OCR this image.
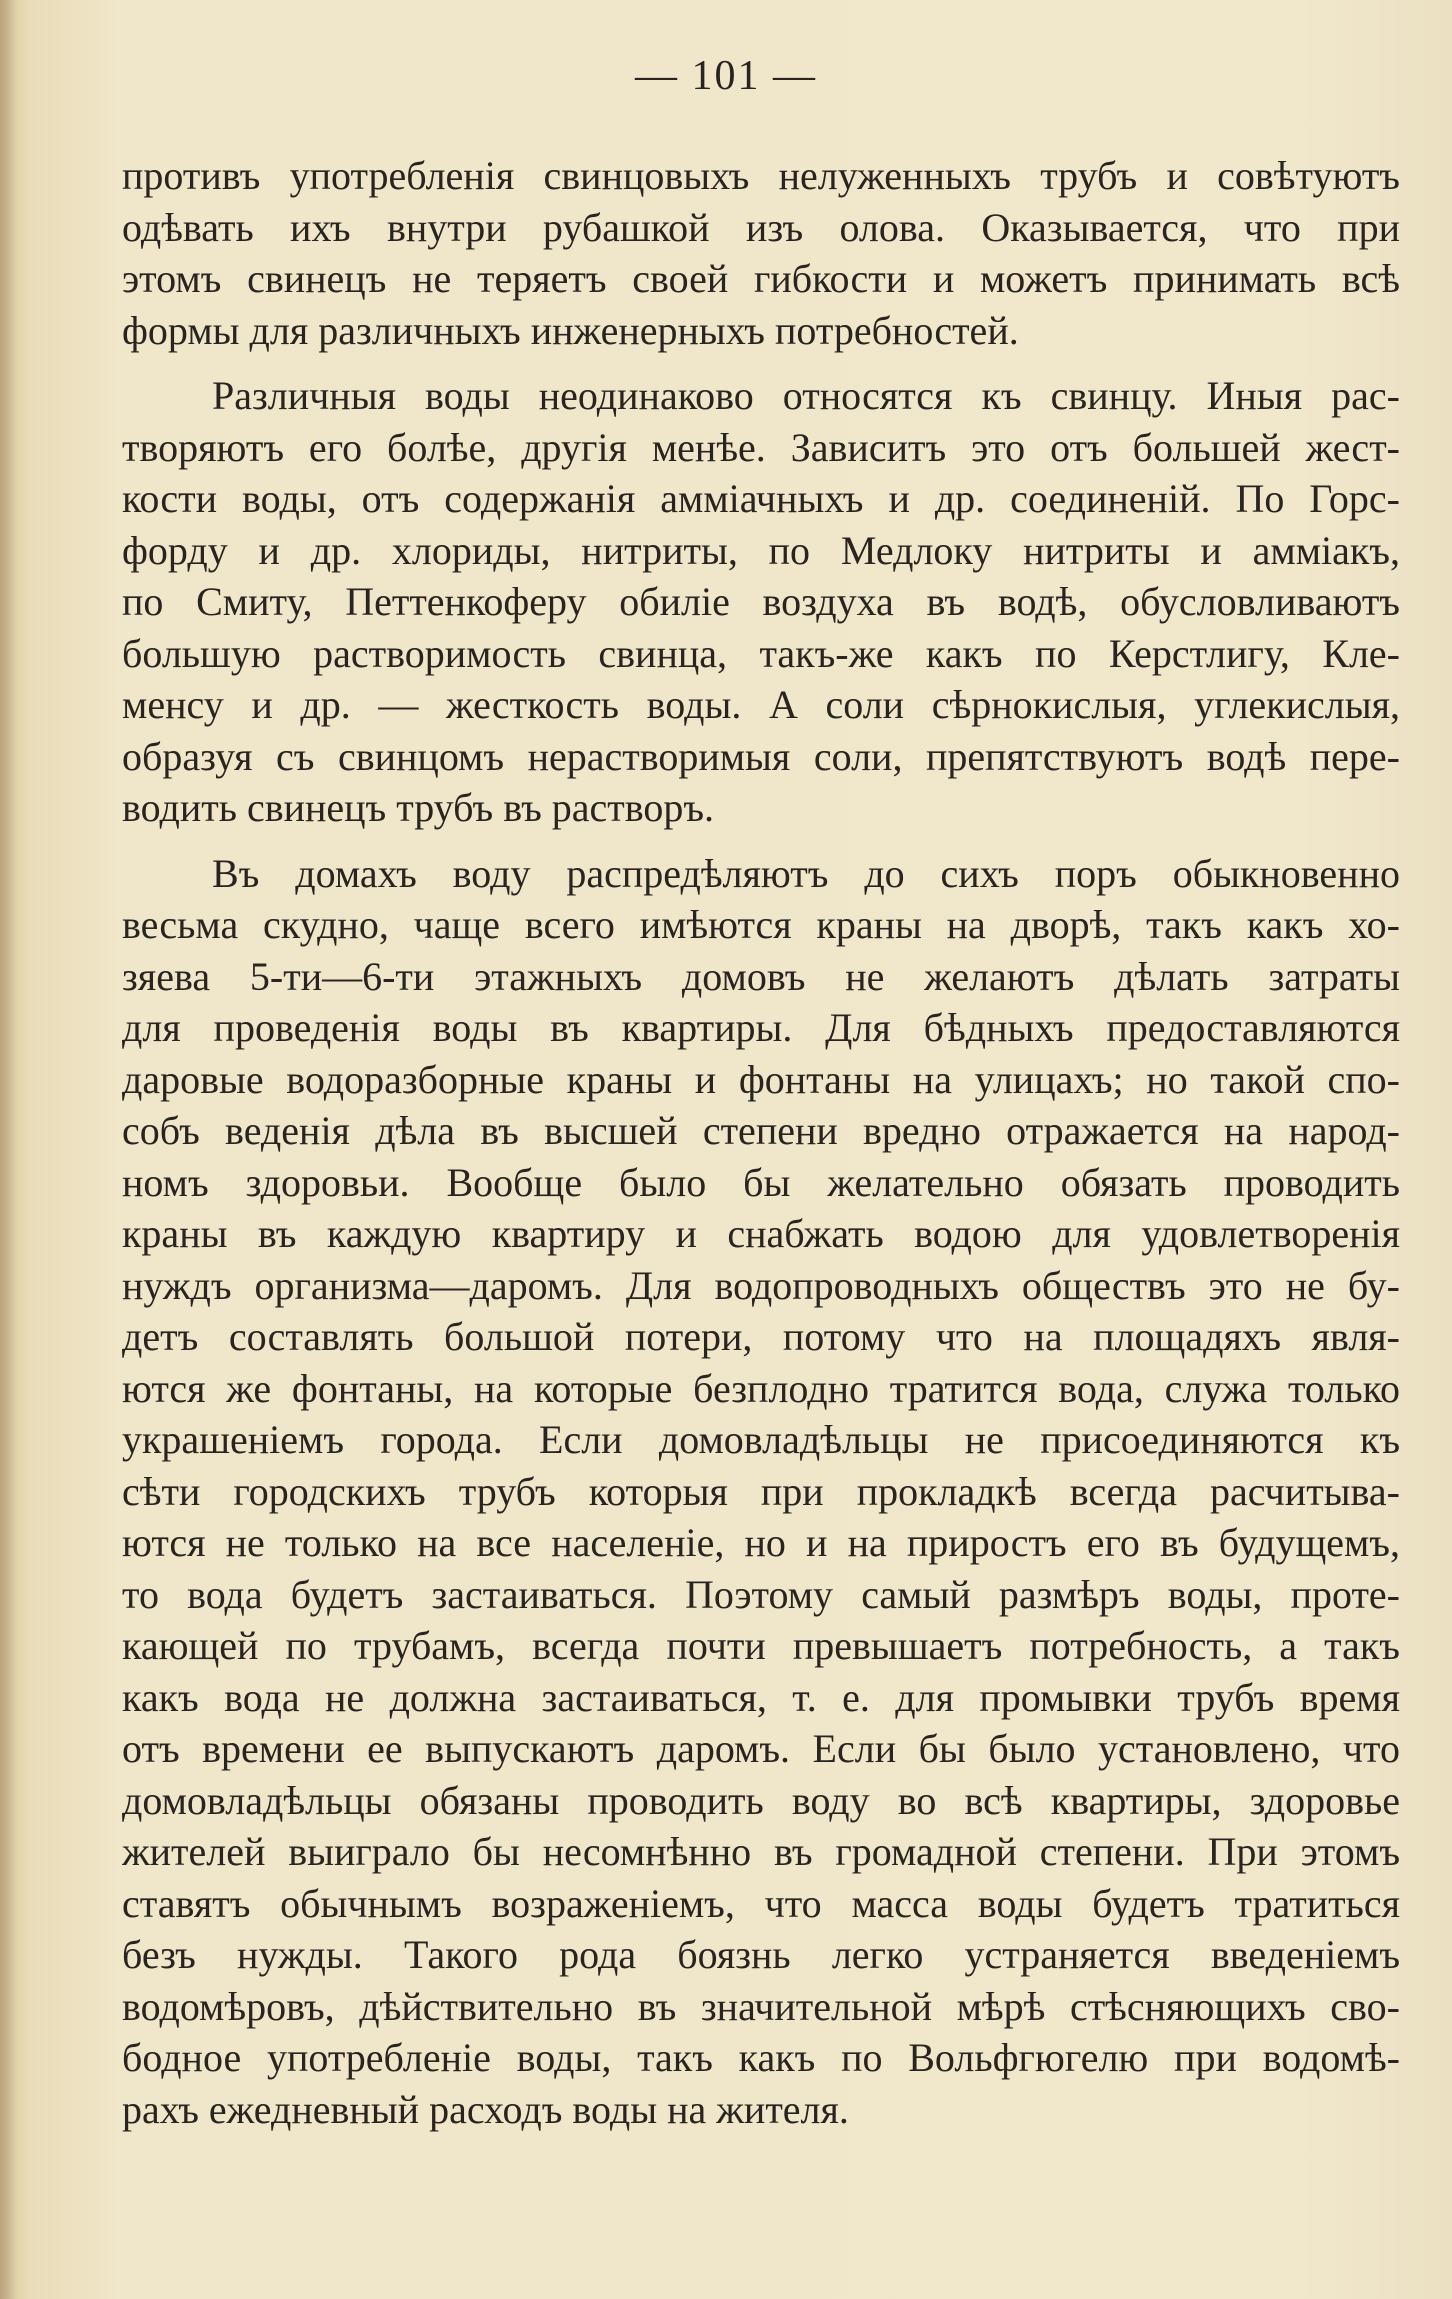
— 101 —
противъ употребленія свинцовыхъ нелуженныхъ трубъ и совѣтуютъ
одѣвать ихъ внутри рубашкой изъ олова. Оказывается, что при
этомъ свинецъ не теряетъ своей гибкости и можетъ принимать всѣ
формы для различныхъ инженерныхъ потребностей.
Различныя воды неодинаково относятся къ свинцу. Иныя рас-
творяютъ его болѣе, другія менѣе. Зависитъ это отъ большей жест-
кости воды, отъ содержанія амміачныхъ и др. соединеній. По Горс-
форду и др. хлориды, нитриты, по Медлоку нитриты и амміакъ,
по Смиту, Петтенкоферу обиліе воздуха въ водѣ, обусловливаютъ
большую растворимость свинца, такъ-же какъ по Керстлигу, Кле-
менсу и др. — жесткость воды. А соли сѣрнокислыя, углекислыя,
образуя съ свинцомъ нерастворимыя соли, препятствуютъ водѣ пере-
водить свинецъ трубъ въ растворъ.
Въ домахъ воду распредѣляютъ до сихъ поръ обыкновенно
весьма скудно, чаще всего имѣются краны на дворѣ, такъ какъ хо-
зяева 5-ти—6-ти этажныхъ домовъ не желаютъ дѣлать затраты
для проведенія воды въ квартиры. Для бѣдныхъ предоставляются
даровые водоразборные краны и фонтаны на улицахъ; но такой спо-
собъ веденія дѣла въ высшей степени вредно отражается на народ-
номъ здоровьи. Вообще было бы желательно обязать проводить
краны въ каждую квартиру и снабжать водою для удовлетворенія
нуждъ организма—даромъ. Для водопроводныхъ обществъ это не бу-
детъ составлять большой потери, потому что на площадяхъ явля-
ются же фонтаны, на которые безплодно тратится вода, служа только
украшеніемъ города. Если домовладѣльцы не присоединяются къ
сѣти городскихъ трубъ которыя при прокладкѣ всегда расчитыва-
ются не только на все населеніе, но и на приростъ его въ будущемъ,
то вода будетъ застаиваться. Поэтому самый размѣръ воды, проте-
кающей по трубамъ, всегда почти превышаетъ потребность, а такъ
какъ вода не должна застаиваться, т. е. для промывки трубъ время
отъ времени ее выпускаютъ даромъ. Если бы было установлено, что
домовладѣльцы обязаны проводить воду во всѣ квартиры, здоровье
жителей выиграло бы несомнѣнно въ громадной степени. При этомъ
ставятъ обычнымъ возраженіемъ, что масса воды будетъ тратиться
безъ нужды. Такого рода боязнь легко устраняется введеніемъ
водомѣровъ, дѣйствительно въ значительной мѣрѣ стѣсняющихъ сво-
бодное употребленіе воды, такъ какъ по Вольфгюгелю при водомѣ-
рахъ ежедневный расходъ воды на жителя.
